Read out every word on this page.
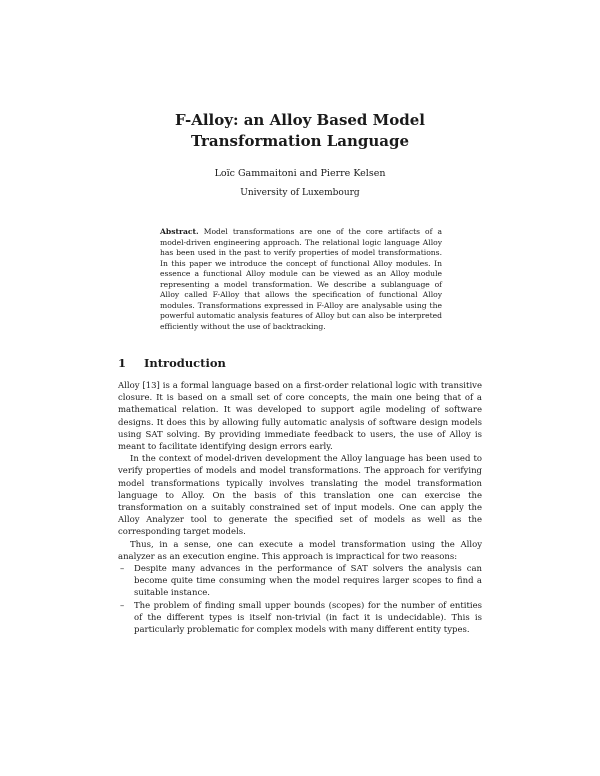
F-Alloy: an Alloy Based Model Transformation Language
Loïc Gammaitoni and Pierre Kelsen
University of Luxembourg
Abstract. Model transformations are one of the core artifacts of a model-driven engineering approach. The relational logic language Alloy has been used in the past to verify properties of model transformations. In this paper we introduce the concept of functional Alloy modules. In essence a functional Alloy module can be viewed as an Alloy module representing a model transformation. We describe a sublanguage of Alloy called F-Alloy that allows the specification of functional Alloy modules. Transformations expressed in F-Alloy are analysable using the powerful automatic analysis features of Alloy but can also be interpreted efficiently without the use of backtracking.
1 Introduction

Alloy [13] is a formal language based on a first-order relational logic with transitive closure. It is based on a small set of core concepts, the main one being that of a mathematical relation. It was developed to support agile modeling of software designs. It does this by allowing fully automatic analysis of software design models using SAT solving. By providing immediate feedback to users, the use of Alloy is meant to facilitate identifying design errors early.

In the context of model-driven development the Alloy language has been used to verify properties of models and model transformations. The approach for verifying model transformations typically involves translating the model transformation language to Alloy. On the basis of this translation one can exercise the transformation on a suitably constrained set of input models. One can apply the Alloy Analyzer tool to generate the specified set of models as well as the corresponding target models.

Thus, in a sense, one can execute a model transformation using the Alloy analyzer as an execution engine. This approach is impractical for two reasons:

– Despite many advances in the performance of SAT solvers the analysis can become quite time consuming when the model requires larger scopes to find a suitable instance.
– The problem of finding small upper bounds (scopes) for the number of entities of the different types is itself non-trivial (in fact it is undecidable). This is particularly problematic for complex models with many different entity types.
